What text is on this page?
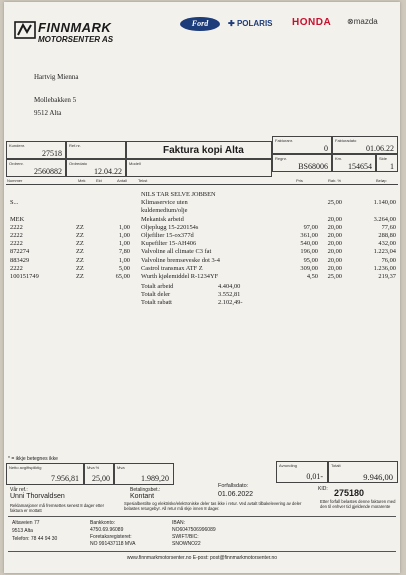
FINNMARK
MOTORSENTER AS
Ford	✚ POLARIS HONDA ⊗mazda
Hartvig Mienna
Mollebakken 5
9512 Alta
Kundenr.
27518
Ref.nr.	Faktura kopi Alta
Fakturanr.
0
Fakturadato
01.06.22
Ordrenr.
2560882
Ordredato
12.04.22
Modell
Regnr.
BS68006
Km.
154654
Side
1
Nummer	Mek	Ekt	Antall	Tekst	Pris	Rab. %	Beløp
NILS TAR SELVE JOBBEN
S...	Klimaservice uten	25,00	1.140,00
kuldemedium/olje
MEK	Mekanisk arbeid	20,00	3.264,00
2222	ZZ	1,00 Oljeplugg 15-220154s	97,00 20,00	77,60
2222	ZZ	1,00 Oljefilter 15-ox377d	361,00 20,00	288,80
2222	ZZ	1,00 Kupefilter 15-AH406	540,00 20,00	432,00
872274	ZZ	7,80 Valvoline all climate C3 fat	196,00 20,00	1.223,04
883429	ZZ	1,00 Valvoline bremseveske dot 3-4	95,00 20,00	76,00
2222	ZZ	5,00 Castrol transmax ATF Z	309,00 20,00	1.236,00
100151749	ZZ	65,00 Wurth kjølemiddel R-1234YF	4,50 25,00	219,37
Totalt arbeid	4.404,00
Totalt deler	3.552,81
Totalt rabatt	2.102,49-
* = ikkje betegnes ikke
Netto avgiftspliktig
7.956,81
Mva %
25,00
Mva
1.989,20
Avrunding
0,01-
Totalt
9.946,00
Vår ref.:
Unni Thorvaldsen
Betalingsbet.:
Kontant
Forfallsdato:
01.06.2022
KID: 275180
Reklamasjoner må fremsettes senest 8 dager etter faktura er mottatt
Spesialbestilte og elektriske/elektroniske deler tas ikke i retur. Ved avtalt tilbakelevering av deler belastes returgebyr. All retur må skje innen 8 dager.
Etter forfall belastes denne fakturen med den til enhver tid gjeldende morarente
Altaveien 77
9513 Alta
Telefon: 78 44 94 30
Bankkonto:
4750.69.96089
Foretaksregisteret:
NO 991437118 MVA
IBAN:
NO6047506996089
SWIFT/BIC:
SNOWNO22
www.finnmarkmotorsenter.no E-post: post@finnmarkmotorsenter.no
